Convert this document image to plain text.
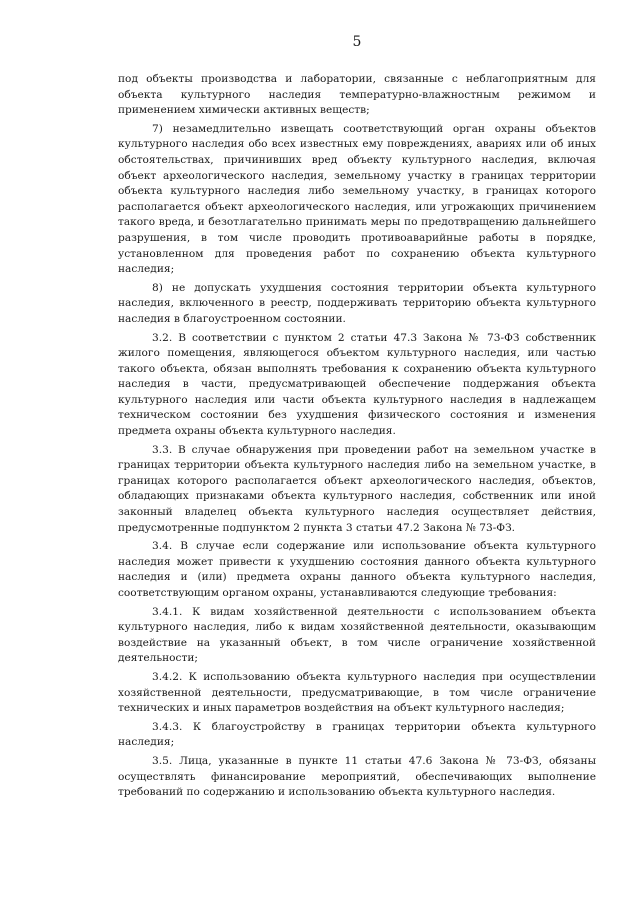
5

под объекты производства и лаборатории, связанные с неблагоприятным для объекта культурного наследия температурно-влажностным режимом и применением химически активных веществ;

7) незамедлительно извещать соответствующий орган охраны объектов культурного наследия обо всех известных ему повреждениях, авариях или об иных обстоятельствах, причинивших вред объекту культурного наследия, включая объект археологического наследия, земельному участку в границах территории объекта культурного наследия либо земельному участку, в границах которого располагается объект археологического наследия, или угрожающих причинением такого вреда, и безотлагательно принимать меры по предотвращению дальнейшего разрушения, в том числе проводить противоаварийные работы в порядке, установленном для проведения работ по сохранению объекта культурного наследия;

8) не допускать ухудшения состояния территории объекта культурного наследия, включенного в реестр, поддерживать территорию объекта культурного наследия в благоустроенном состоянии.

3.2. В соответствии с пунктом 2 статьи 47.3 Закона № 73-ФЗ собственник жилого помещения, являющегося объектом культурного наследия, или частью такого объекта, обязан выполнять требования к сохранению объекта культурного наследия в части, предусматривающей обеспечение поддержания объекта культурного наследия или части объекта культурного наследия в надлежащем техническом состоянии без ухудшения физического состояния и изменения предмета охраны объекта культурного наследия.

3.3. В случае обнаружения при проведении работ на земельном участке в границах территории объекта культурного наследия либо на земельном участке, в границах которого располагается объект археологического наследия, объектов, обладающих признаками объекта культурного наследия, собственник или иной законный владелец объекта культурного наследия осуществляет действия, предусмотренные подпунктом 2 пункта 3 статьи 47.2 Закона № 73-ФЗ.

3.4. В случае если содержание или использование объекта культурного наследия может привести к ухудшению состояния данного объекта культурного наследия и (или) предмета охраны данного объекта культурного наследия, соответствующим органом охраны, устанавливаются следующие требования:

3.4.1. К видам хозяйственной деятельности с использованием объекта культурного наследия, либо к видам хозяйственной деятельности, оказывающим воздействие на указанный объект, в том числе ограничение хозяйственной деятельности;

3.4.2. К использованию объекта культурного наследия при осуществлении хозяйственной деятельности, предусматривающие, в том числе ограничение технических и иных параметров воздействия на объект культурного наследия;

3.4.3. К благоустройству в границах территории объекта культурного наследия;

3.5. Лица, указанные в пункте 11 статьи 47.6 Закона № 73-ФЗ, обязаны осуществлять финансирование мероприятий, обеспечивающих выполнение требований по содержанию и использованию объекта культурного наследия.
